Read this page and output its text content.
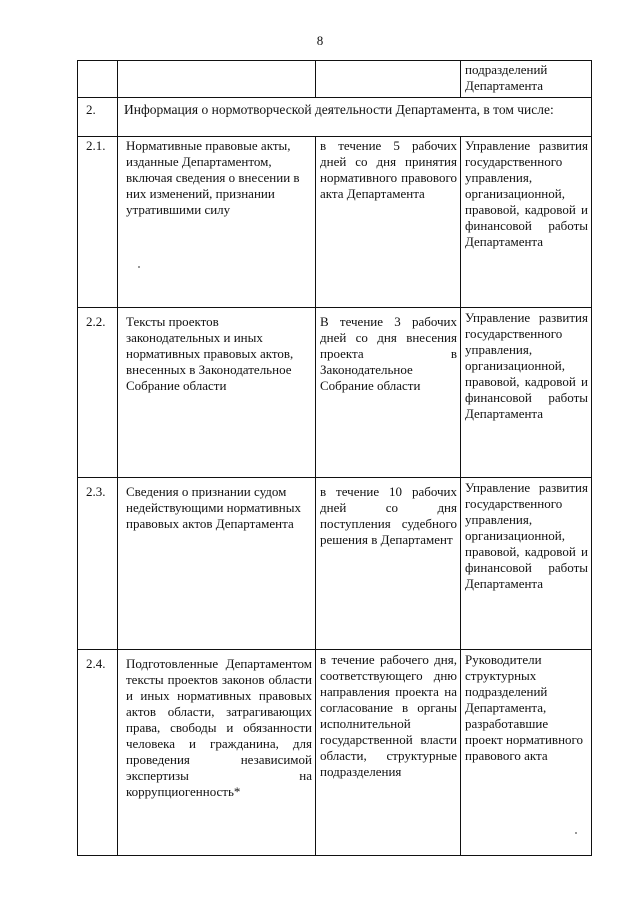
8
			подразделений Департамента
2.	Информация о нормотворческой деятельности Департамента, в том числе:		
2.1.	Нормативные правовые акты, изданные Департаментом, включая сведения о внесении в них изменений, признании утратившими силу	в течение 5 рабочих дней со дня принятия нормативного правового акта Департамента	Управление развития государственного управления, организационной, правовой, кадровой и финансовой работы Департамента
2.2.	Тексты проектов законодательных и иных нормативных правовых актов, внесенных в Законодательное Собрание области	В течение 3 рабочих дней со дня внесения проекта в Законодательное Собрание области	Управление развития государственного управления, организационной, правовой, кадровой и финансовой работы Департамента
2.3.	Сведения о признании судом недействующими нормативных правовых актов Департамента	в течение 10 рабочих дней со дня поступления судебного решения в Департамент	Управление развития государственного управления, организационной, правовой, кадровой и финансовой работы Департамента
2.4.	Подготовленные Департаментом тексты проектов законов области и иных нормативных правовых актов области, затрагивающих права, свободы и обязанности человека и гражданина, для проведения независимой экспертизы на коррупциогенность*	в течение рабочего дня, соответствующего дню направления проекта на согласование в органы исполнительной государственной власти области, структурные подразделения	Руководители структурных подразделений Департамента, разработавшие проект нормативного правового акта
